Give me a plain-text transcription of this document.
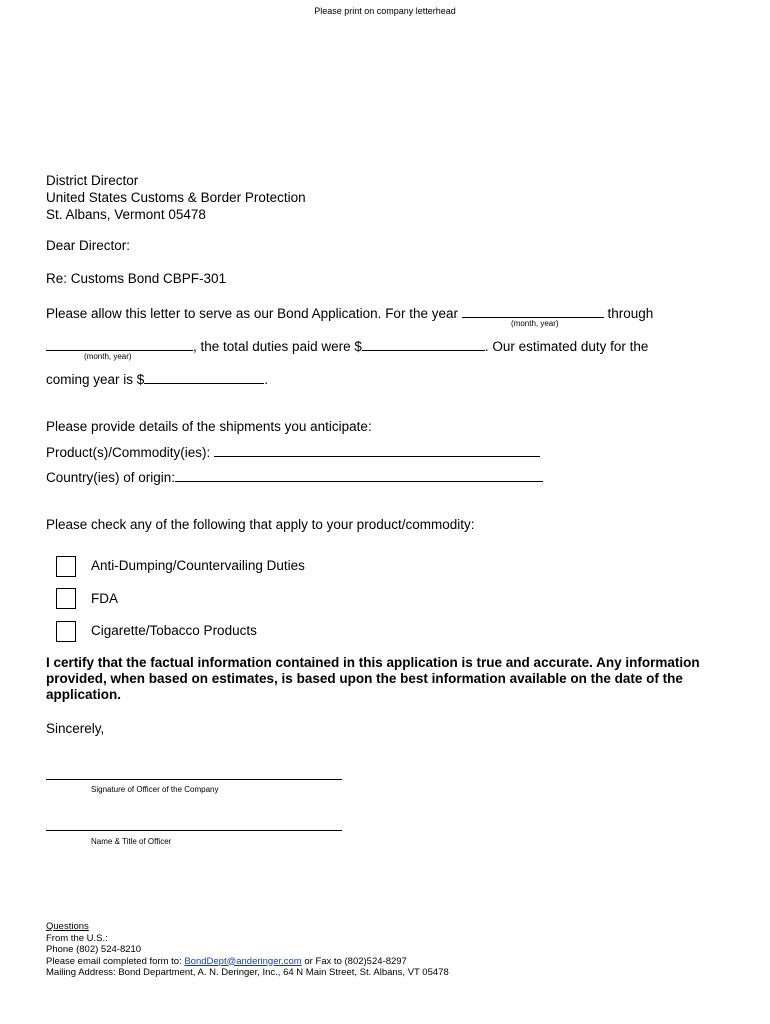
Please print on company letterhead
District Director
United States Customs & Border Protection
St. Albans, Vermont 05478
Dear Director:
Re: Customs Bond CBPF-301
Please allow this letter to serve as our Bond Application. For the year	through
(month, year)
, the total duties paid were $	. Our estimated duty for the
(month, year)
coming year is $	.
Please provide details of the shipments you anticipate:
Product(s)/Commodity(ies):
Country(ies) of origin:
Please check any of the following that apply to your product/commodity:
Anti-Dumping/Countervailing Duties
FDA
Cigarette/Tobacco Products
I certify that the factual information contained in this application is true and accurate. Any information provided, when based on estimates, is based upon the best information available on the date of the application.
Sincerely,
Signature of Officer of the Company
Name & Title of Officer
Questions
From the U.S.:
Phone (802) 524-8210
Please email completed form to: BondDept@anderinger.com or Fax to (802)524-8297
Mailing Address: Bond Department, A. N. Deringer, Inc., 64 N Main Street, St. Albans, VT 05478
